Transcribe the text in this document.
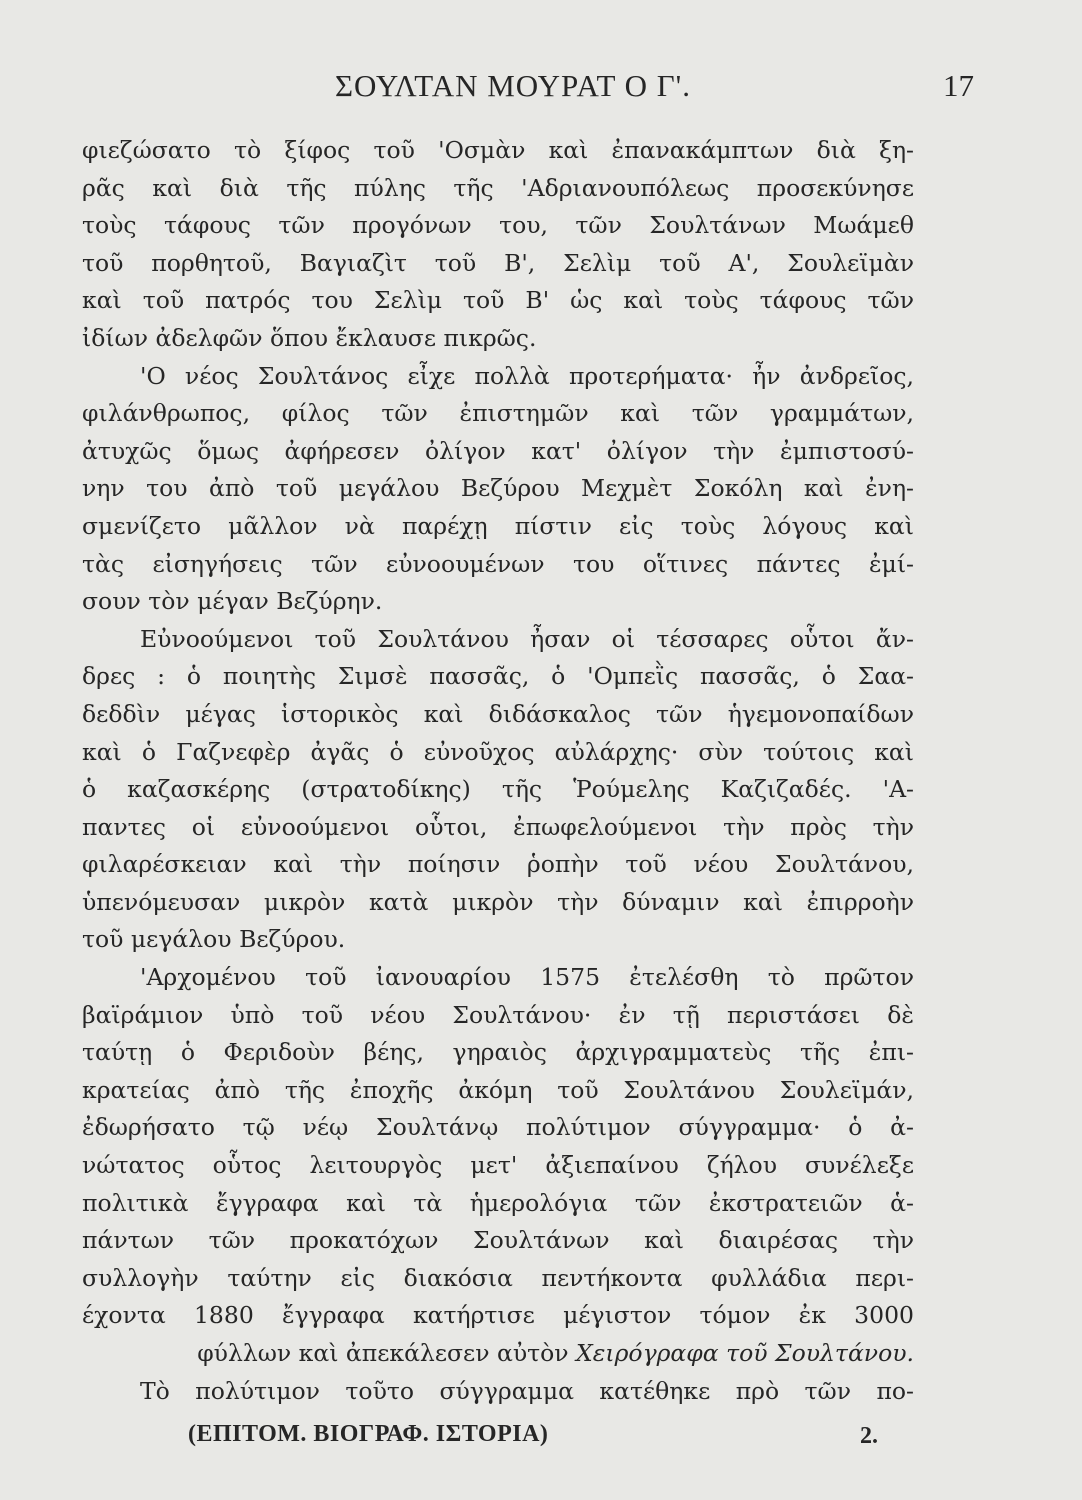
ΣΟΥΛΤΑΝ ΜΟΥΡΑΤ Ο Γ'.	17
φιεζώσατο τὸ ξίφος τοῦ 'Οσμὰν καὶ ἐπανακάμπτων διὰ ξη-
ρᾶς καὶ διὰ τῆς πύλης τῆς 'Αδριανουπόλεως προσεκύνησε
τοὺς τάφους τῶν προγόνων του, τῶν Σουλτάνων Μωάμεθ
τοῦ πορθητοῦ, Βαγιαζὶτ τοῦ Β', Σελὶμ τοῦ Α', Σουλεϊμὰν
καὶ τοῦ πατρός του Σελὶμ τοῦ Β' ὡς καὶ τοὺς τάφους τῶν
ἰδίων ἀδελφῶν ὅπου ἔκλαυσε πικρῶς.
'Ο νέος Σουλτάνος εἶχε πολλὰ προτερήματα· ἦν ἀνδρεῖος,
φιλάνθρωπος, φίλος τῶν ἐπιστημῶν καὶ τῶν γραμμάτων,
ἀτυχῶς ὅμως ἀφήρεσεν ὀλίγον κατ' ὀλίγον τὴν ἐμπιστοσύ-
νην του ἀπὸ τοῦ μεγάλου Βεζύρου Μεχμὲτ Σοκόλη καὶ ἐνη-
σμενίζετο μᾶλλον νὰ παρέχῃ πίστιν εἰς τοὺς λόγους καὶ
τὰς εἰσηγήσεις τῶν εὐνοουμένων του οἵτινες πάντες ἐμί-
σουν τὸν μέγαν Βεζύρην.
Εὐνοούμενοι τοῦ Σουλτάνου ἦσαν οἱ τέσσαρες οὗτοι ἄν-
δρες : ὁ ποιητὴς Σιμσὲ πασσᾶς, ὁ 'Ομπεῒς πασσᾶς, ὁ Σαα-
δεδδὶν μέγας ἱστορικὸς καὶ διδάσκαλος τῶν ἡγεμονοπαίδων
καὶ ὁ Γαζνεφὲρ ἀγᾶς ὁ εὐνοῦχος αὐλάρχης· σὺν τούτοις καὶ
ὁ καζασκέρης (στρατοδίκης) τῆς Ῥούμελης Καζιζαδές. 'Α-
παντες οἱ εὐνοούμενοι οὗτοι, ἐπωφελούμενοι τὴν πρὸς τὴν
φιλαρέσκειαν καὶ τὴν ποίησιν ῥοπὴν τοῦ νέου Σουλτάνου,
ὑπενόμευσαν μικρὸν κατὰ μικρὸν τὴν δύναμιν καὶ ἐπιρροὴν
τοῦ μεγάλου Βεζύρου.
'Αρχομένου τοῦ ἰανουαρίου 1575 ἐτελέσθη τὸ πρῶτον
βαϊράμιον ὑπὸ τοῦ νέου Σουλτάνου· ἐν τῇ περιστάσει δὲ
ταύτῃ ὁ Φεριδοὺν βέης, γηραιὸς ἀρχιγραμματεὺς τῆς ἐπι-
κρατείας ἀπὸ τῆς ἐποχῆς ἀκόμη τοῦ Σουλτάνου Σουλεϊμάν,
ἐδωρήσατο τῷ νέῳ Σουλτάνῳ πολύτιμον σύγγραμμα· ὁ ἀ-
νώτατος οὗτος λειτουργὸς μετ' ἀξιεπαίνου ζήλου συνέλεξε
πολιτικὰ ἔγγραφα καὶ τὰ ἡμερολόγια τῶν ἐκστρατειῶν ἁ-
πάντων τῶν προκατόχων Σουλτάνων καὶ διαιρέσας τὴν
συλλογὴν ταύτην εἰς διακόσια πεντήκοντα φυλλάδια περι-
έχοντα 1880 ἔγγραφα κατήρτισε μέγιστον τόμον ἐκ 3000
φύλλων καὶ ἀπεκάλεσεν αὐτὸν Χειρόγραφα τοῦ Σουλτάνου.
Τὸ πολύτιμον τοῦτο σύγγραμμα κατέθηκε πρὸ τῶν πο-
(ΕΠΙΤΟΜ. ΒΙΟΓΡΑΦ. ΙΣΤΟΡΙΑ)	2.
